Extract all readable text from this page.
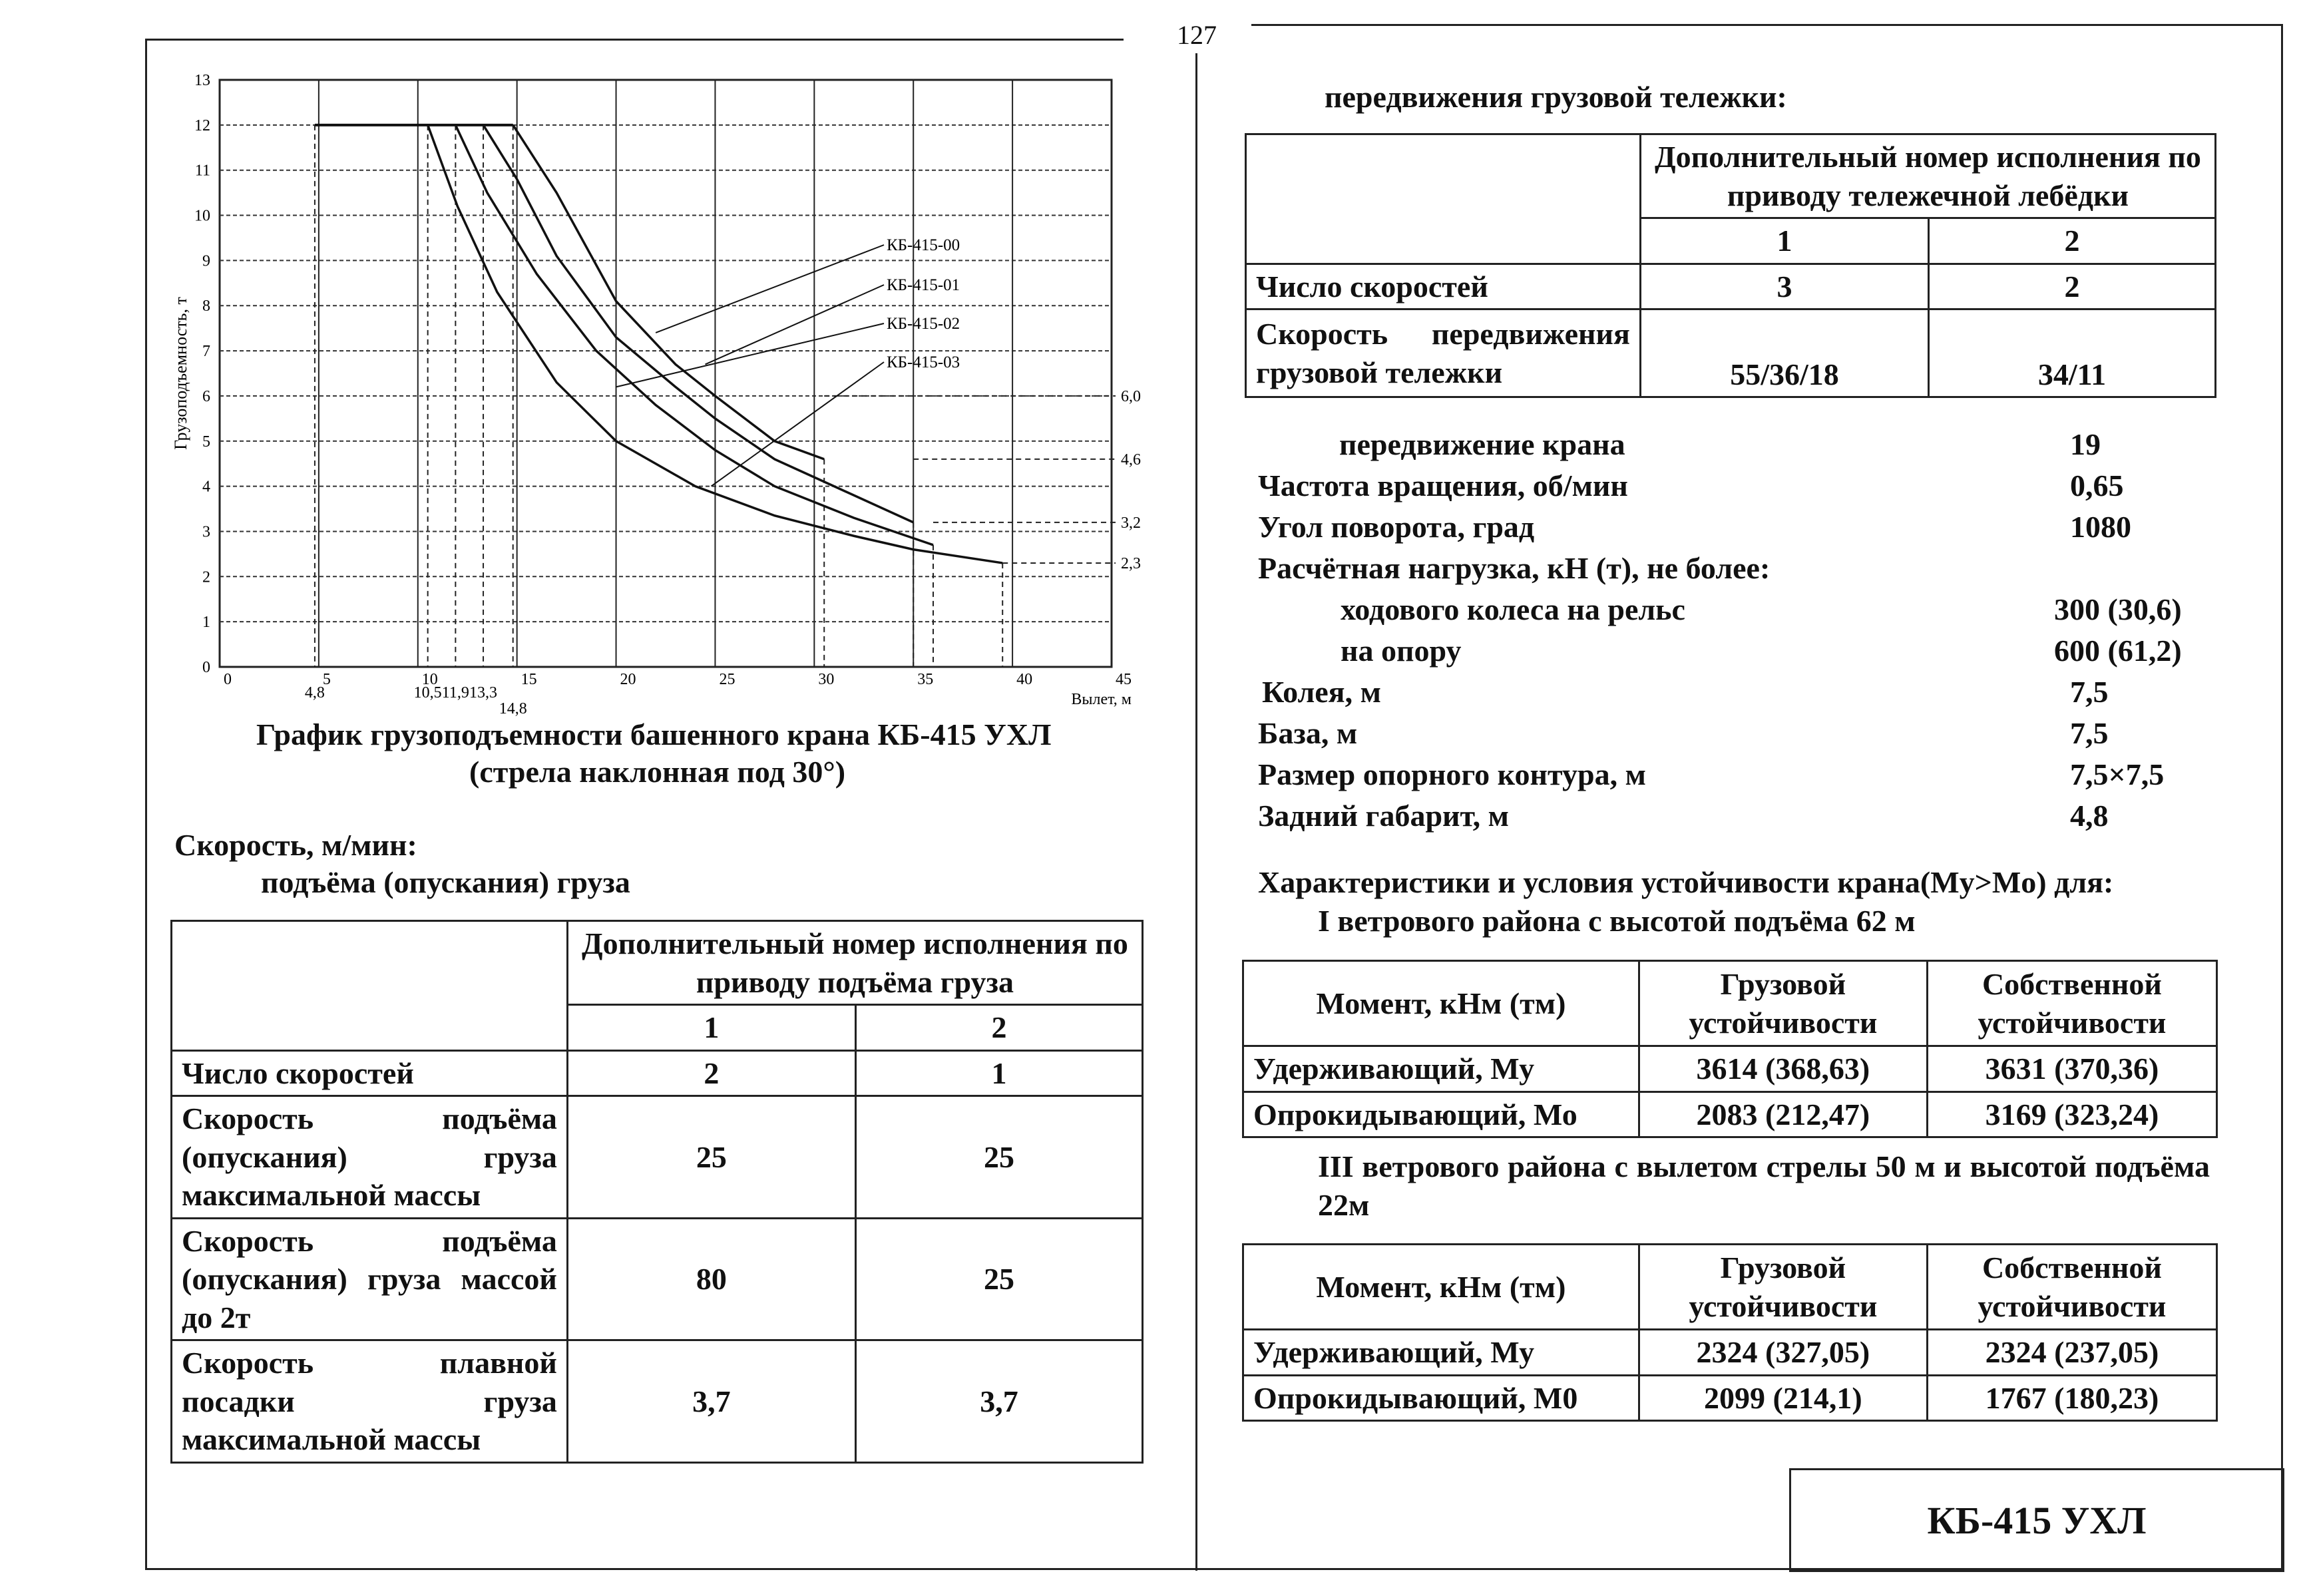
127
0
1
2
3
4
5
6
7
8
9
10
11
12
13
0	5	10	15	20	25	30	35	40	45
4,8	10,5 11,9 13,3
14,8
6,0
4,6
3,2
2,3
КБ-415-00
КБ-415-01
КБ-415-02
КБ-415-03
Грузоподъемность, т
Вылет, м
График грузоподъемности башенного крана КБ-415 УХЛ
(стрела наклонная под 30°)
Скорость, м/мин:
подъёма (опускания) груза
	Дополнительный номер исполнения по приводу подъёма груза	
	1	2
Число скоростей	2	1
Скорость подъёма (опускания) груза максимальной массы	25	25
Скорость подъёма (опускания) груза массой до 2т	80	25
Скорость плавной посадки груза максимальной массы	3,7	3,7
передвижения грузовой тележки:
	Дополнительный номер исполнения по приводу тележечной лебёдки	
	1	2
Число скоростей	3	2
Скорость передвижения грузовой тележки	55/36/18	34/11
передвижение крана	19
Частота вращения, об/мин	0,65
Угол поворота, град	1080
Расчётная нагрузка, кН (т), не более:
ходового колеса на рельс	300 (30,6)
на опору	600 (61,2)
Колея, м	7,5
База, м	7,5
Размер опорного контура, м	7,5×7,5
Задний габарит, м	4,8
Характеристики и условия устойчивости крана(Mу>Mо) для:
I ветрового района с высотой подъёма 62 м
Момент, кНм (тм)	Грузовой устойчивости	Собственной устойчивости
Удерживающий, Му	3614 (368,63)	3631 (370,36)
Опрокидывающий, Мо	2083 (212,47)	3169 (323,24)
III ветрового района с вылетом стрелы 50 м и высотой подъёма 22м
Момент, кНм (тм)	Грузовой устойчивости	Собственной устойчивости
Удерживающий, Му	2324 (327,05)	2324 (237,05)
Опрокидывающий, М0	2099 (214,1)	1767 (180,23)
КБ-415 УХЛ
